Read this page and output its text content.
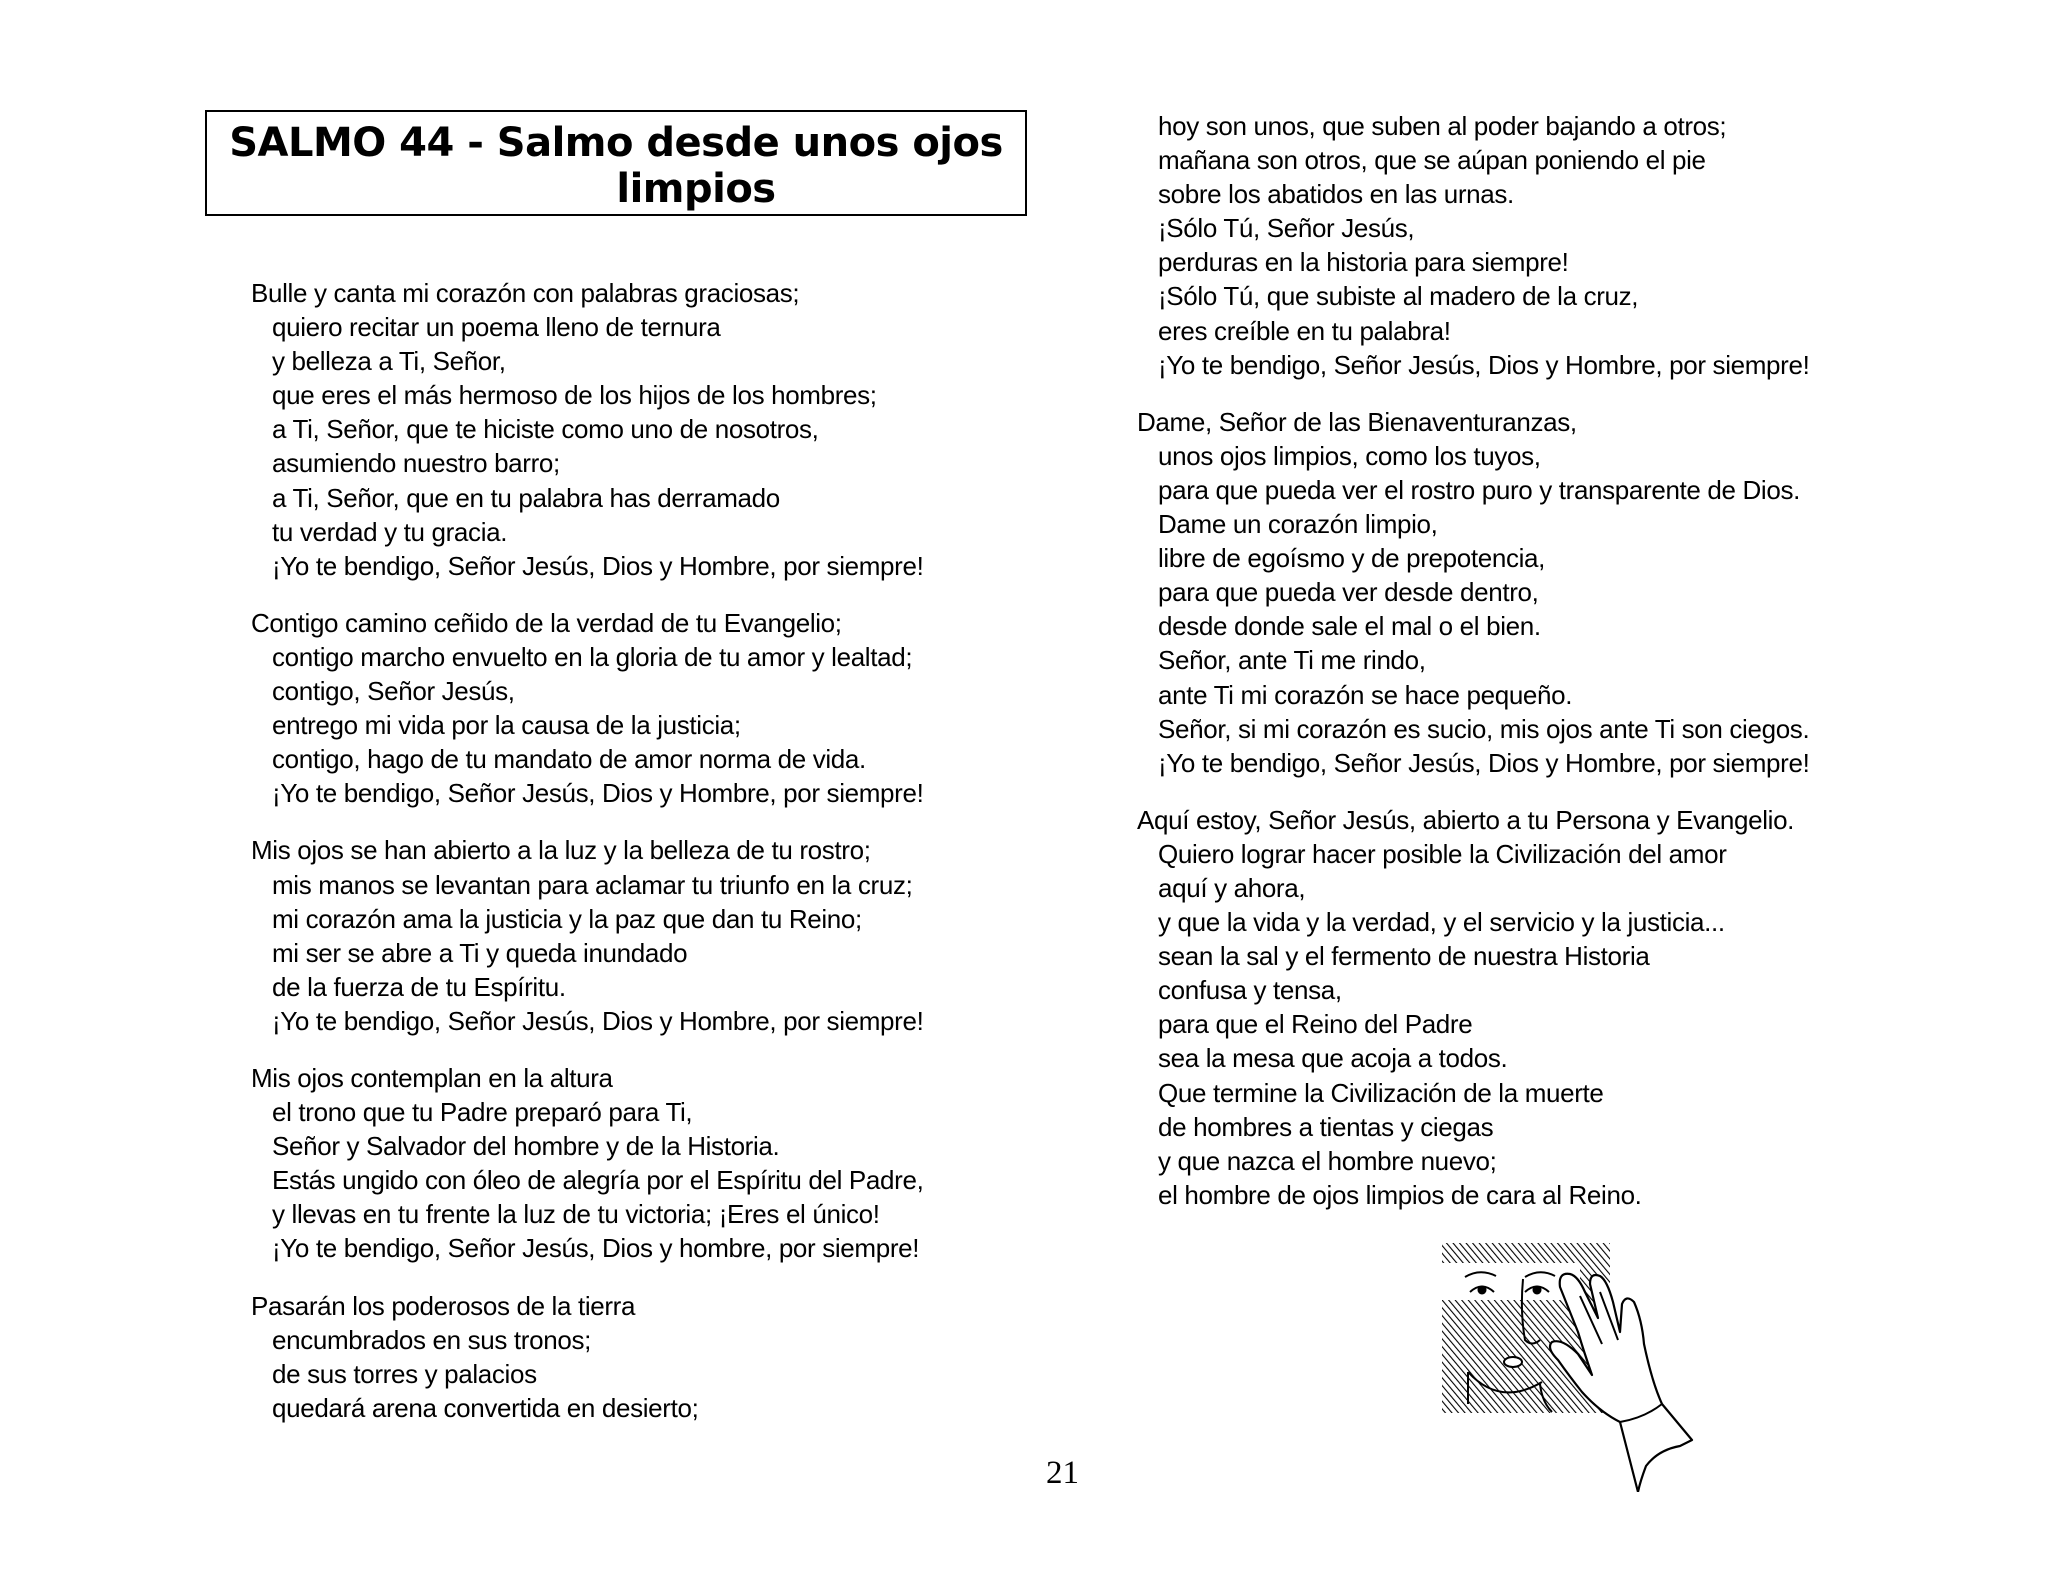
SALMO 44 - Salmo desde unos ojos
limpios
Bulle y canta mi corazón con palabras graciosas;
quiero recitar un poema lleno de ternura
y belleza a Ti, Señor,
que eres el más hermoso de los hijos de los hombres;
a Ti, Señor, que te hiciste como uno de nosotros,
asumiendo nuestro barro;
a Ti, Señor, que en tu palabra has derramado
tu verdad y tu gracia.
¡Yo te bendigo, Señor Jesús, Dios y Hombre, por siempre!
Contigo camino ceñido de la verdad de tu Evangelio;
contigo marcho envuelto en la gloria de tu amor y lealtad;
contigo, Señor Jesús,
entrego mi vida por la causa de la justicia;
contigo, hago de tu mandato de amor norma de vida.
¡Yo te bendigo, Señor Jesús, Dios y Hombre, por siempre!
Mis ojos se han abierto a la luz y la belleza de tu rostro;
mis manos se levantan para aclamar tu triunfo en la cruz;
mi corazón ama la justicia y la paz que dan tu Reino;
mi ser se abre a Ti y queda inundado
de la fuerza de tu Espíritu.
¡Yo te bendigo, Señor Jesús, Dios y Hombre, por siempre!
Mis ojos contemplan en la altura
el trono que tu Padre preparó para Ti,
Señor y Salvador del hombre y de la Historia.
Estás ungido con óleo de alegría por el Espíritu del Padre,
y llevas en tu frente la luz de tu victoria; ¡Eres el único!
¡Yo te bendigo, Señor Jesús, Dios y hombre, por siempre!
Pasarán los poderosos de la tierra
encumbrados en sus tronos;
de sus torres y palacios
quedará arena convertida en desierto;
hoy son unos, que suben al poder bajando a otros;
mañana son otros, que se aúpan poniendo el pie
sobre los abatidos en las urnas.
¡Sólo Tú, Señor Jesús,
perduras en la historia para siempre!
¡Sólo Tú, que subiste al madero de la cruz,
eres creíble en tu palabra!
¡Yo te bendigo, Señor Jesús, Dios y Hombre, por siempre!
Dame, Señor de las Bienaventuranzas,
unos ojos limpios, como los tuyos,
para que pueda ver el rostro puro y transparente de Dios.
Dame un corazón limpio,
libre de egoísmo y de prepotencia,
para que pueda ver desde dentro,
desde donde sale el mal o el bien.
Señor, ante Ti me rindo,
ante Ti mi corazón se hace pequeño.
Señor, si mi corazón es sucio, mis ojos ante Ti son ciegos.
¡Yo te bendigo, Señor Jesús, Dios y Hombre, por siempre!
Aquí estoy, Señor Jesús, abierto a tu Persona y Evangelio.
Quiero lograr hacer posible la Civilización del amor
aquí y ahora,
y que la vida y la verdad, y el servicio y la justicia...
sean la sal y el fermento de nuestra Historia
confusa y tensa,
para que el Reino del Padre
sea la mesa que acoja a todos.
Que termine la Civilización de la muerte
de hombres a tientas y ciegas
y que nazca el hombre nuevo;
el hombre de ojos limpios de cara al Reino.
21
